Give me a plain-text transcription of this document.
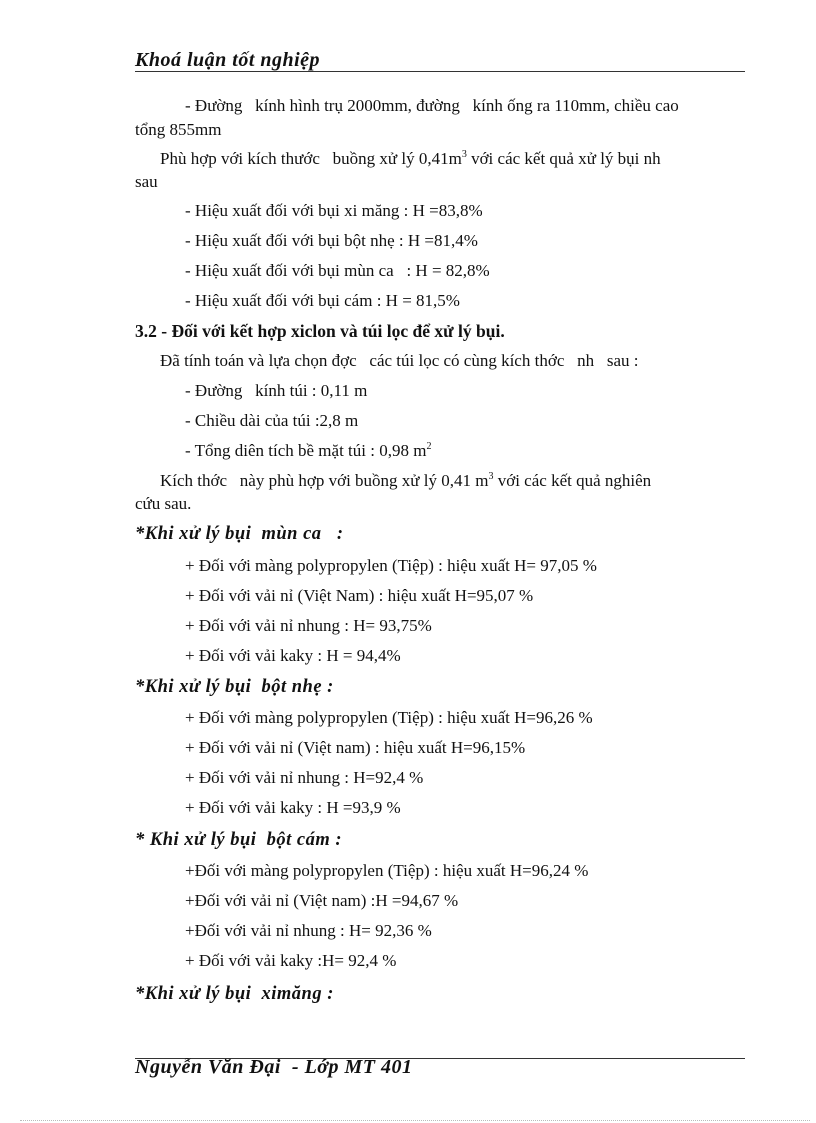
Khoá luận tốt nghiệp
- Đường   kính hình trụ 2000mm, đường   kính ống ra 110mm, chiều cao
tổng 855mm
Phù hợp với kích thước   buồng xử lý $0,41m^3$ với các kết quả xử lý bụi nh
sau
- Hiệu xuất đối với bụi xi măng : H =83,8%
- Hiệu xuất đối với bụi bột nhẹ : H =81,4%
- Hiệu xuất đối với bụi mùn ca   : H = 82,8%
- Hiệu xuất đối với bụi cám : H = 81,5%
3.2 - Đối với kết hợp xiclon và túi lọc để xử lý bụi.
Đã tính toán và lựa chọn đợc   các túi lọc có cùng kích thớc   nh   sau :
- Đường   kính túi : 0,11 m
- Chiều dài của túi :2,8 m
- Tổng diên tích bề mặt túi : 0,98 $m^2$
Kích thớc   này phù hợp với buồng xử lý 0,41 $m^3$ với các kết quả nghiên
cứu sau.
*Khi xử lý bụi  mùn ca   :
+ Đối với màng polypropylen (Tiệp) : hiệu xuất H= 97,05 %
+ Đối với vải nỉ (Việt Nam) : hiệu xuất H=95,07 %
+ Đối với vải nỉ nhung : H= 93,75%
+ Đối với vải kaky : H = 94,4%
*Khi xử lý bụi  bột nhẹ :
+ Đối với màng polypropylen (Tiệp) : hiệu xuất H=96,26 %
+ Đối với vải nỉ (Việt nam) : hiệu xuất H=96,15%
+ Đối với vải nỉ nhung : H=92,4 %
+ Đối với vải kaky : H =93,9 %
* Khi xử lý bụi  bột cám :
+Đối với màng polypropylen (Tiệp) : hiệu xuất H=96,24 %
+Đối với vải nỉ (Việt nam) :H =94,67 %
+Đối với vải nỉ nhung : H= 92,36 %
+ Đối với vải kaky :H= 92,4 %
*Khi xử lý bụi  ximăng :
Nguyễn Văn Đại  - Lớp MT 401
